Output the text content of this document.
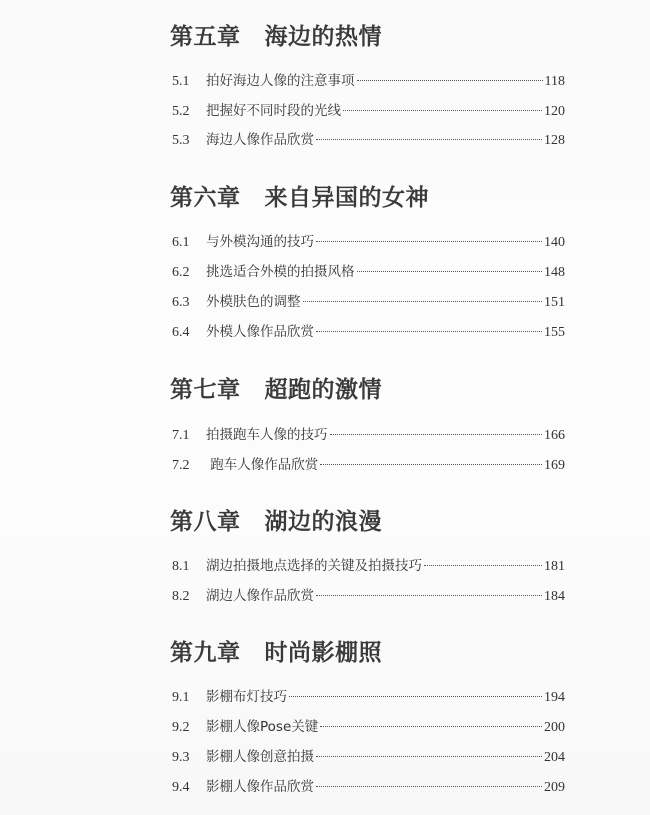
第五章 海边的热情
5.1	拍好海边人像的注意事项	118
5.2	把握好不同时段的光线	120
5.3	海边人像作品欣赏	128
第六章 来自异国的女神
6.1	与外模沟通的技巧	140
6.2	挑选适合外模的拍摄风格	148
6.3	外模肤色的调整	151
6.4	外模人像作品欣赏	155
第七章 超跑的激情
7.1	拍摄跑车人像的技巧	166
7.2	跑车人像作品欣赏	169
第八章 湖边的浪漫
8.1	湖边拍摄地点选择的关键及拍摄技巧	181
8.2	湖边人像作品欣赏	184
第九章 时尚影棚照
9.1	影棚布灯技巧	194
9.2	影棚人像Pose关键	200
9.3	影棚人像创意拍摄	204
9.4	影棚人像作品欣赏	209
